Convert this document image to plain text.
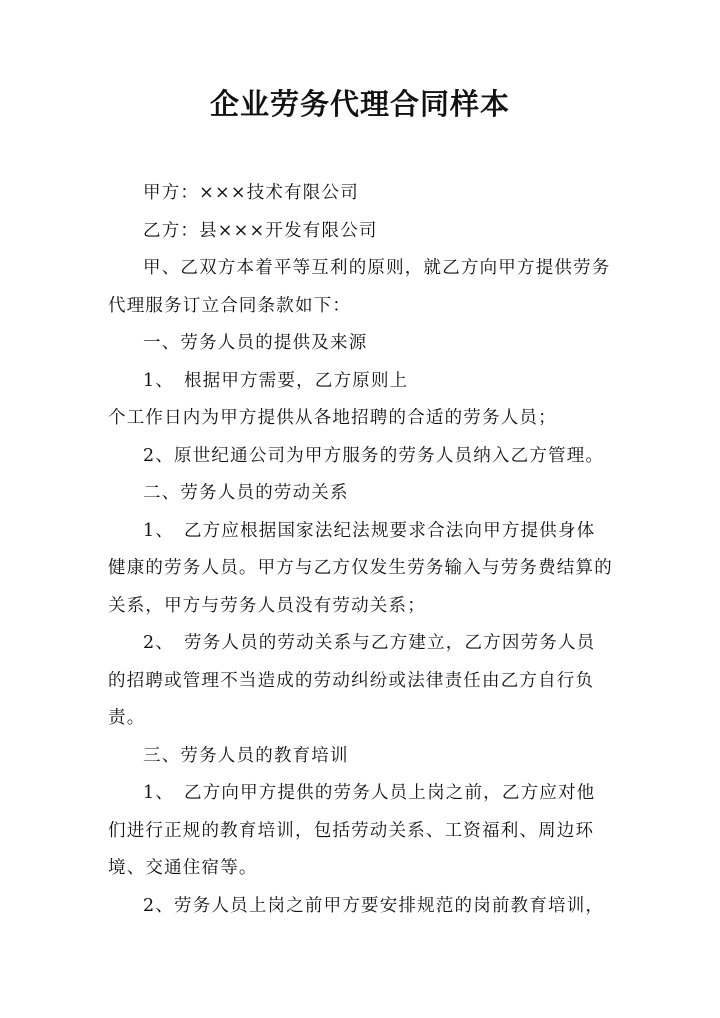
企业劳务代理合同样本

甲方：×××技术有限公司

乙方：县×××开发有限公司

甲、乙双方本着平等互利的原则，就乙方向甲方提供劳务代理服务订立合同条款如下：

一、劳务人员的提供及来源

1、　根据甲方需要，乙方原则上

个工作日内为甲方提供从各地招聘的合适的劳务人员；

2、原世纪通公司为甲方服务的劳务人员纳入乙方管理。

二、劳务人员的劳动关系

1、　乙方应根据国家法纪法规要求合法向甲方提供身体健康的劳务人员。甲方与乙方仅发生劳务输入与劳务费结算的关系，甲方与劳务人员没有劳动关系；

2、　劳务人员的劳动关系与乙方建立，乙方因劳务人员的招聘或管理不当造成的劳动纠纷或法律责任由乙方自行负责。

三、劳务人员的教育培训

1、　乙方向甲方提供的劳务人员上岗之前，乙方应对他们进行正规的教育培训，包括劳动关系、工资福利、周边环境、交通住宿等。

2、劳务人员上岗之前甲方要安排规范的岗前教育培训，
